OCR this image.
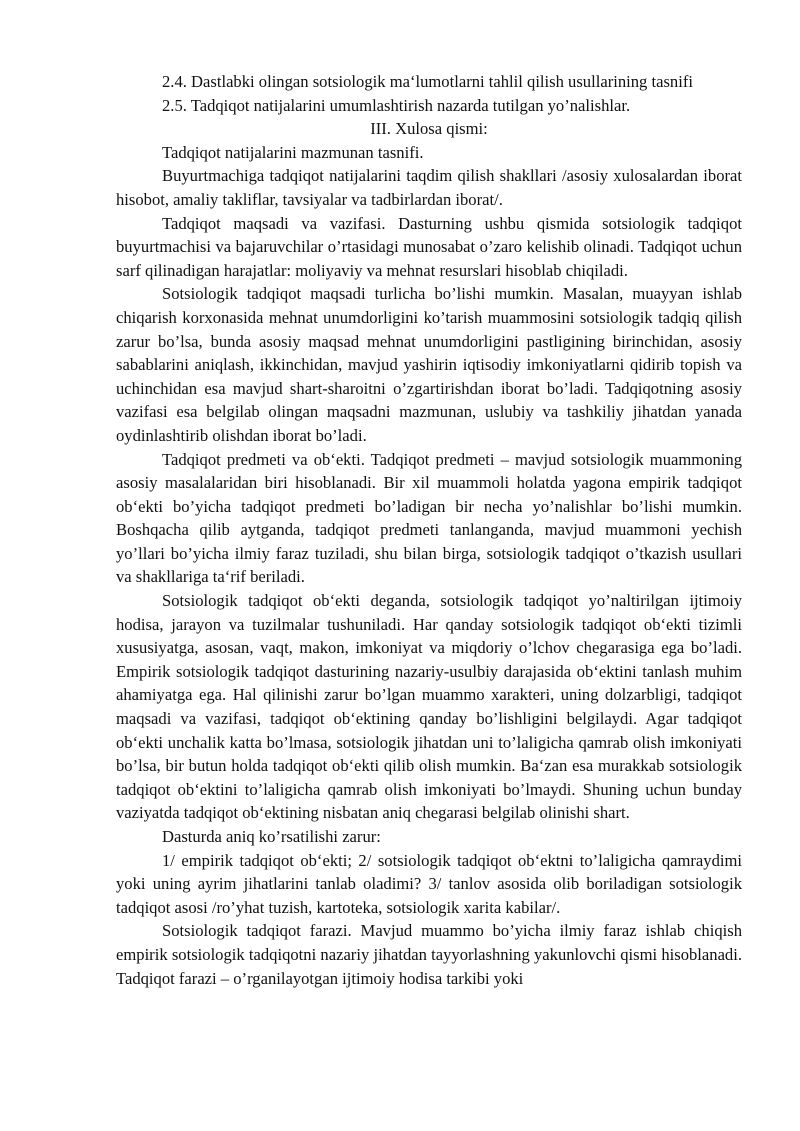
2.4. Dastlabki olingan sotsiologik ma‘lumotlarni tahlil qilish usullarining tasnifi

2.5. Tadqiqot natijalarini umumlashtirish nazarda tutilgan yo’nalishlar.

III. Xulosa qismi:

Tadqiqot natijalarini mazmunan tasnifi.

Buyurtmachiga tadqiqot natijalarini taqdim qilish shakllari /asosiy xulosalardan iborat hisobot, amaliy takliflar, tavsiyalar va tadbirlardan iborat/.

Tadqiqot maqsadi va vazifasi. Dasturning ushbu qismida sotsiologik tadqiqot buyurtmachisi va bajaruvchilar o’rtasidagi munosabat o’zaro kelishib olinadi. Tadqiqot uchun sarf qilinadigan harajatlar: moliyaviy va mehnat resurslari hisoblab chiqiladi.

Sotsiologik tadqiqot maqsadi turlicha bo’lishi mumkin. Masalan, muayyan ishlab chiqarish korxonasida mehnat unumdorligini ko’tarish muammosini sotsiologik tadqiq qilish zarur bo’lsa, bunda asosiy maqsad mehnat unumdorligini pastligining birinchidan, asosiy sabablarini aniqlash, ikkinchidan, mavjud yashirin iqtisodiy imkoniyatlarni qidirib topish va uchinchidan esa mavjud shart-sharoitni o’zgartirishdan iborat bo’ladi. Tadqiqotning asosiy vazifasi esa belgilab olingan maqsadni mazmunan, uslubiy va tashkiliy jihatdan yanada oydinlashtirib olishdan iborat bo’ladi.

Tadqiqot predmeti va ob‘ekti. Tadqiqot predmeti – mavjud sotsiologik muammoning asosiy masalalaridan biri hisoblanadi. Bir xil muammoli holatda yagona empirik tadqiqot ob‘ekti bo’yicha tadqiqot predmeti bo’ladigan bir necha yo’nalishlar bo’lishi mumkin. Boshqacha qilib aytganda, tadqiqot predmeti tanlanganda, mavjud muammoni yechish yo’llari bo’yicha ilmiy faraz tuziladi, shu bilan birga, sotsiologik tadqiqot o’tkazish usullari va shakllariga ta‘rif beriladi.

Sotsiologik tadqiqot ob‘ekti deganda, sotsiologik tadqiqot yo’naltirilgan ijtimoiy hodisa, jarayon va tuzilmalar tushuniladi. Har qanday sotsiologik tadqiqot ob‘ekti tizimli xususiyatga, asosan, vaqt, makon, imkoniyat va miqdoriy o’lchov chegarasiga ega bo’ladi. Empirik sotsiologik tadqiqot dasturining nazariy-usulbiy darajasida ob‘ektini tanlash muhim ahamiyatga ega. Hal qilinishi zarur bo’lgan muammo xarakteri, uning dolzarbligi, tadqiqot maqsadi va vazifasi, tadqiqot ob‘ektining qanday bo’lishligini belgilaydi. Agar tadqiqot ob‘ekti unchalik katta bo’lmasa, sotsiologik jihatdan uni to’laligicha qamrab olish imkoniyati bo’lsa, bir butun holda tadqiqot ob‘ekti qilib olish mumkin. Ba‘zan esa murakkab sotsiologik tadqiqot ob‘ektini to’laligicha qamrab olish imkoniyati bo’lmaydi. Shuning uchun bunday vaziyatda tadqiqot ob‘ektining nisbatan aniq chegarasi belgilab olinishi shart.

Dasturda aniq ko’rsatilishi zarur:

1/ empirik tadqiqot ob‘ekti; 2/ sotsiologik tadqiqot ob‘ektni to’laligicha qamraydimi yoki uning ayrim jihatlarini tanlab oladimi? 3/ tanlov asosida olib boriladigan sotsiologik tadqiqot asosi /ro’yhat tuzish, kartoteka, sotsiologik xarita kabilar/.

Sotsiologik tadqiqot farazi. Mavjud muammo bo’yicha ilmiy faraz ishlab chiqish empirik sotsiologik tadqiqotni nazariy jihatdan tayyorlashning yakunlovchi qismi hisoblanadi. Tadqiqot farazi – o’rganilayotgan ijtimoiy hodisa tarkibi yoki
